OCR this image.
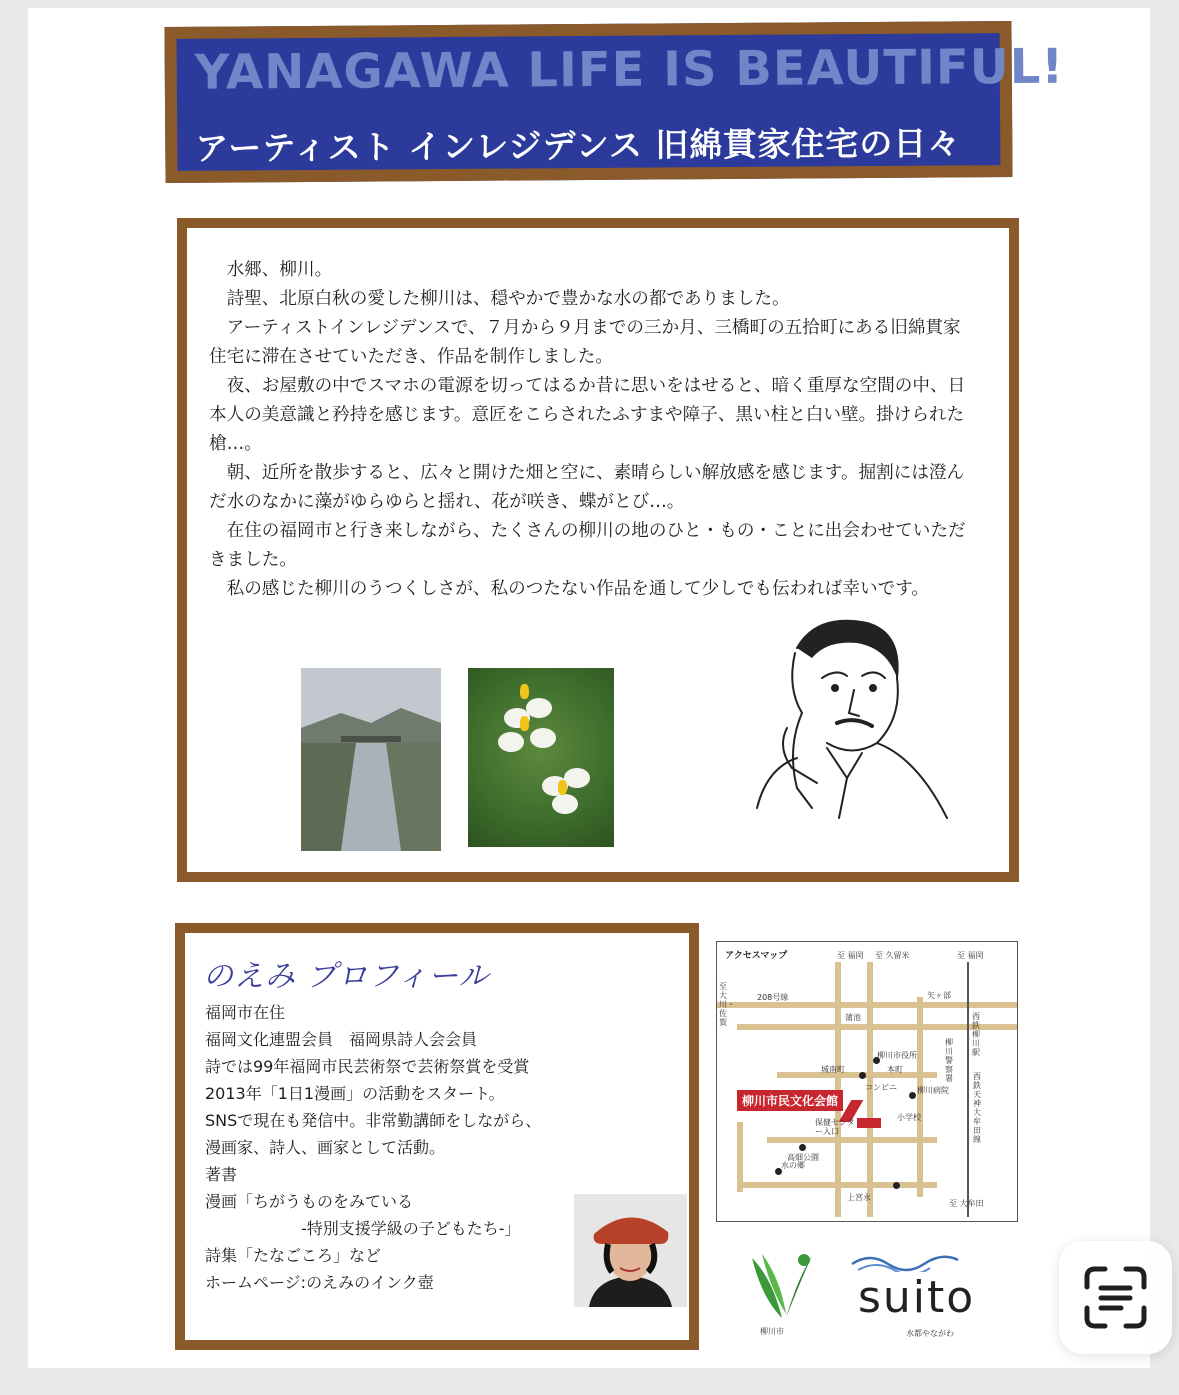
YANAGAWA LIFE IS BEAUTIFUL!
アーティスト インレジデンス 旧綿貫家住宅の日々

水郷、柳川。

詩聖、北原白秋の愛した柳川は、穏やかで豊かな水の都でありました。

アーティストインレジデンスで、７月から９月までの三か月、三橋町の五拾町にある旧綿貫家住宅に滞在させていただき、作品を制作しました。

夜、お屋敷の中でスマホの電源を切ってはるか昔に思いをはせると、暗く重厚な空間の中、日本人の美意識と矜持を感じます。意匠をこらされたふすまや障子、黒い柱と白い壁。掛けられた槍…。

朝、近所を散歩すると、広々と開けた畑と空に、素晴らしい解放感を感じます。掘割には澄んだ水のなかに藻がゆらゆらと揺れ、花が咲き、蝶がとび…。

在住の福岡市と行き来しながら、たくさんの柳川の地のひと・もの・ことに出会わせていただきました。

私の感じた柳川のうつくしさが、私のつたない作品を通して少しでも伝われば幸いです。

のえみ プロフィール
福岡市在住
福岡文化連盟会員　福岡県詩人会会員
詩では99年福岡市民芸術祭で芸術祭賞を受賞
2013年「1日1漫画」の活動をスタート。
SNSで現在も発信中。非常勤講師をしながら、
漫画家、詩人、画家として活動。
著書
漫画「ちがうものをみている
　　　　　　-特別支援学級の子どもたち-」
詩集「たなごころ」など
ホームページ:のえみのインク壺
アクセスマップ
柳川市民文化会館
至 福岡 至 久留米	至 福岡
至 大川・佐賀
208号線	矢ヶ部
蒲池	西鉄柳川駅
柳川市役所
城南町	本町
柳川警察署
柳川病院
保健センター入口
コンビニ
高畑公園
水の郷
上宮永
至 大牟田
西鉄天神大牟田線
小学校
柳川市
suito
水都やながわ
